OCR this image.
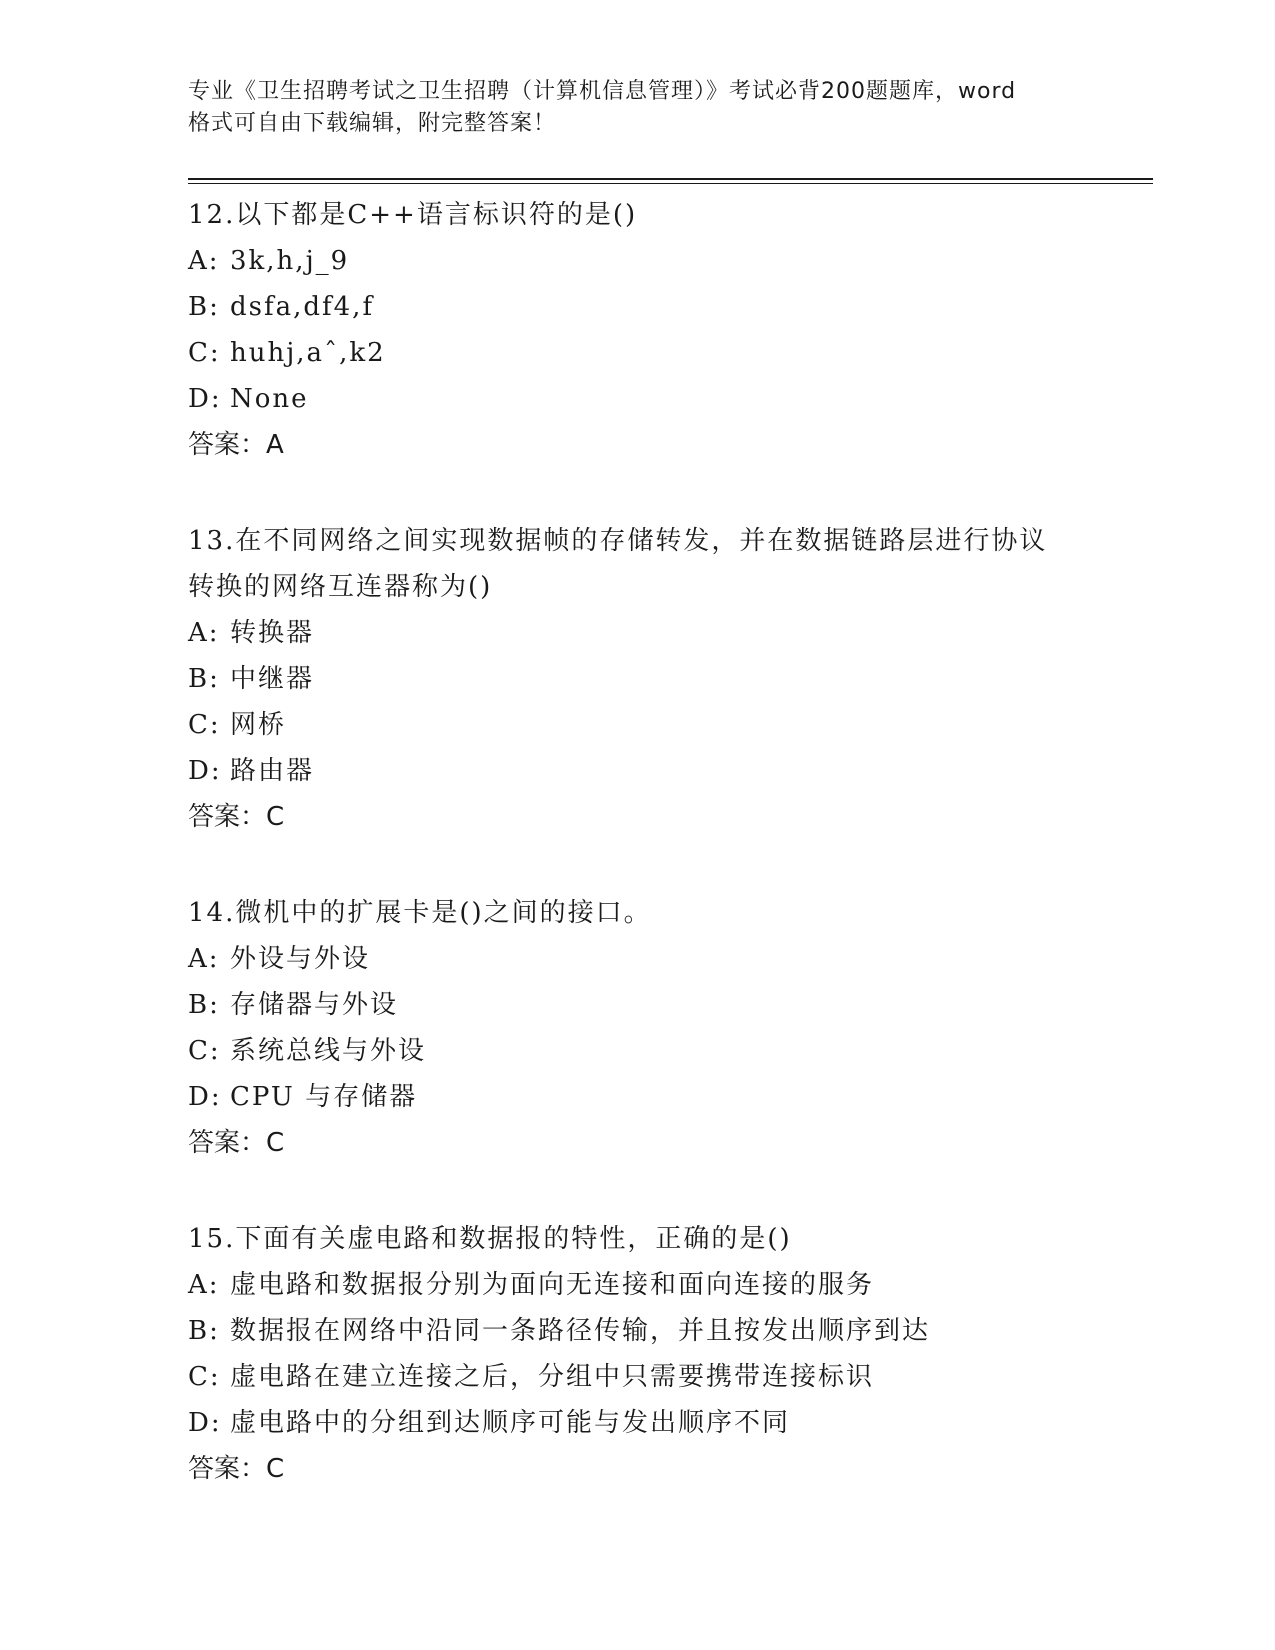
专业《卫生招聘考试之卫生招聘（计算机信息管理）》考试必背200题题库，word
格式可自由下载编辑，附完整答案！
12.以下都是C++语言标识符的是()
A: 3k,h,j_9
B: dsfa,df4,f
C: huhj,aˆ,k2
D: None
答案：A
13.在不同网络之间实现数据帧的存储转发，并在数据链路层进行协议
转换的网络互连器称为()
A: 转换器
B: 中继器
C: 网桥
D: 路由器
答案：C
14.微机中的扩展卡是()之间的接口。
A: 外设与外设
B: 存储器与外设
C: 系统总线与外设
D: CPU 与存储器
答案：C
15.下面有关虚电路和数据报的特性，正确的是()
A: 虚电路和数据报分别为面向无连接和面向连接的服务
B: 数据报在网络中沿同一条路径传输，并且按发出顺序到达
C: 虚电路在建立连接之后，分组中只需要携带连接标识
D: 虚电路中的分组到达顺序可能与发出顺序不同
答案：C
